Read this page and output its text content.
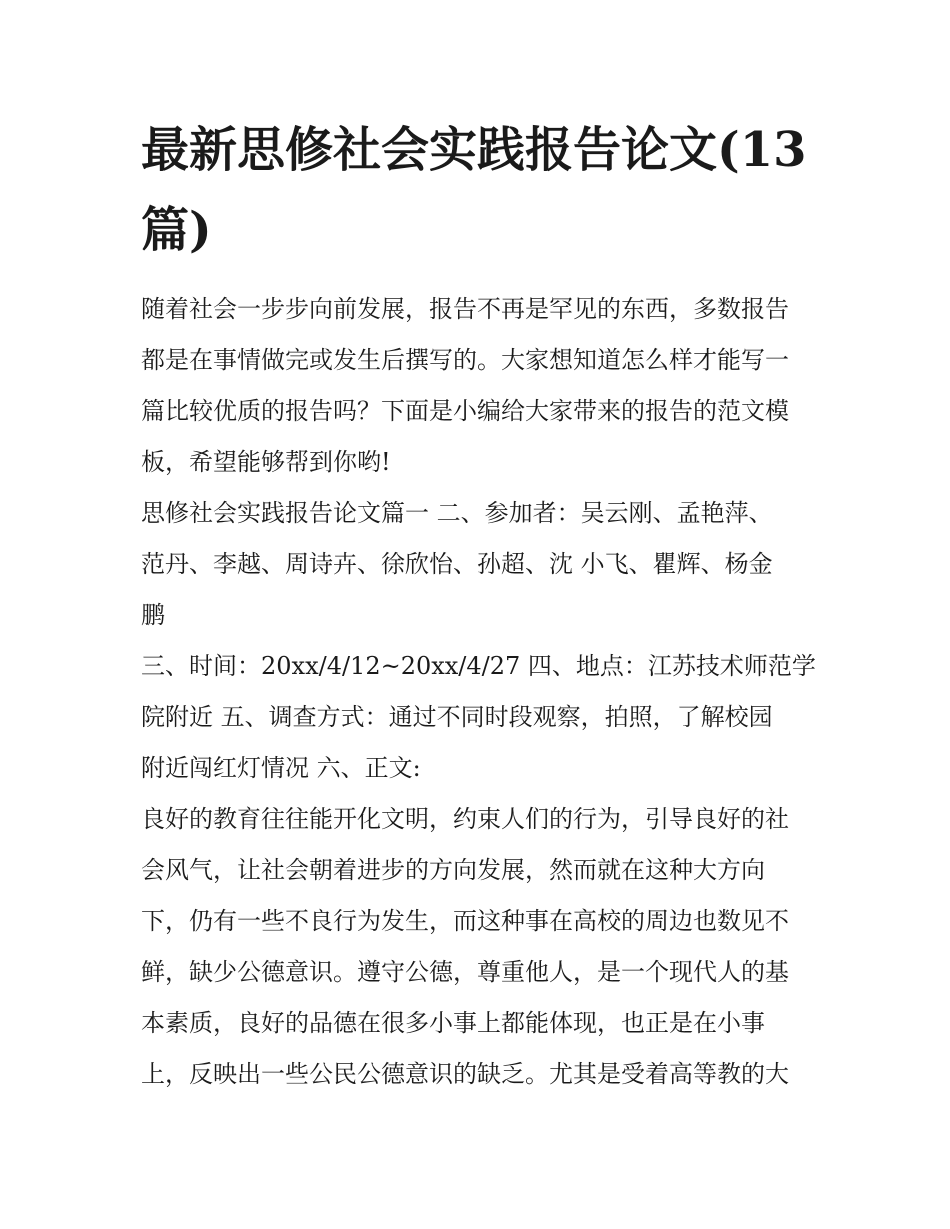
最新思修社会实践报告论文(13
篇)

随着社会一步步向前发展，报告不再是罕见的东西，多数报告
都是在事情做完或发生后撰写的。大家想知道怎么样才能写一
篇比较优质的报告吗？下面是小编给大家带来的报告的范文模
板，希望能够帮到你哟!

思修社会实践报告论文篇一 二、参加者：吴云刚、孟艳萍、
范丹、李越、周诗卉、徐欣怡、孙超、沈 小飞、瞿辉、杨金
鹏

三、时间：20xx/4/12~20xx/4/27 四、地点：江苏技术师范学
院附近 五、调查方式：通过不同时段观察，拍照，了解校园
附近闯红灯情况 六、正文:

良好的教育往往能开化文明，约束人们的行为，引导良好的社
会风气，让社会朝着进步的方向发展，然而就在这种大方向
下，仍有一些不良行为发生，而这种事在高校的周边也数见不
鲜，缺少公德意识。遵守公德，尊重他人，是一个现代人的基
本素质，良好的品德在很多小事上都能体现，也正是在小事
上，反映出一些公民公德意识的缺乏。尤其是受着高等教的大
